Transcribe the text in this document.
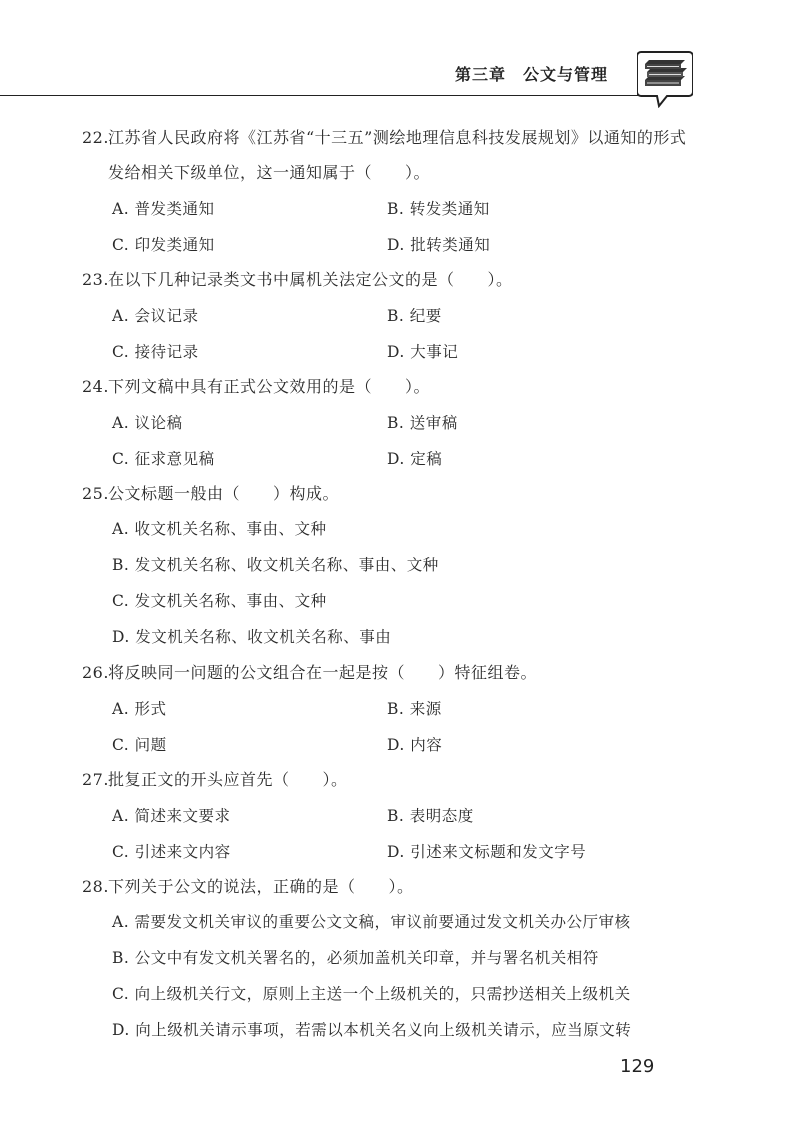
第三章　公文与管理
22.江苏省人民政府将《江苏省“十三五”测绘地理信息科技发展规划》以通知的形式发给相关下级单位，这一通知属于（　　）。
A. 普发类通知	B. 转发类通知
C. 印发类通知	D. 批转类通知
23.在以下几种记录类文书中属机关法定公文的是（　　）。
A. 会议记录	B. 纪要
C. 接待记录	D. 大事记
24.下列文稿中具有正式公文效用的是（　　）。
A. 议论稿	B. 送审稿
C. 征求意见稿	D. 定稿
25.公文标题一般由（　　）构成。
A. 收文机关名称、事由、文种
B. 发文机关名称、收文机关名称、事由、文种
C. 发文机关名称、事由、文种
D. 发文机关名称、收文机关名称、事由
26.将反映同一问题的公文组合在一起是按（　　）特征组卷。
A. 形式	B. 来源
C. 问题	D. 内容
27.批复正文的开头应首先（　　）。
A. 简述来文要求	B. 表明态度
C. 引述来文内容	D. 引述来文标题和发文字号
28.下列关于公文的说法，正确的是（　　）。
A. 需要发文机关审议的重要公文文稿，审议前要通过发文机关办公厅审核
B. 公文中有发文机关署名的，必须加盖机关印章，并与署名机关相符
C. 向上级机关行文，原则上主送一个上级机关的，只需抄送相关上级机关
D. 向上级机关请示事项，若需以本机关名义向上级机关请示，应当原文转
129
